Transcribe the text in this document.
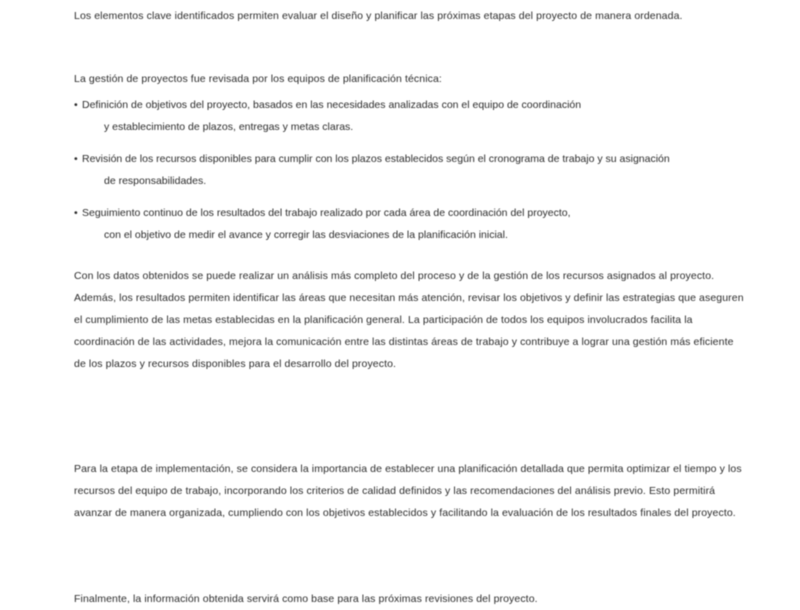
Los elementos clave identificados permiten evaluar el diseño y planificar las próximas etapas del proyecto de manera ordenada.
La gestión de proyectos fue revisada por los equipos de planificación técnica:
• Definición de objetivos del proyecto, basados en las necesidades analizadas con el equipo de coordinación
y establecimiento de plazos, entregas y metas claras.
• Revisión de los recursos disponibles para cumplir con los plazos establecidos según el cronograma de trabajo y su asignación
de responsabilidades.
• Seguimiento continuo de los resultados del trabajo realizado por cada área de coordinación del proyecto,
con el objetivo de medir el avance y corregir las desviaciones de la planificación inicial.
Con los datos obtenidos se puede realizar un análisis más completo del proceso y de la gestión de los recursos asignados al proyecto. Además, los resultados permiten identificar las áreas que necesitan más atención, revisar los objetivos y definir las estrategias que aseguren el cumplimiento de las metas establecidas en la planificación general. La participación de todos los equipos involucrados facilita la coordinación de las actividades, mejora la comunicación entre las distintas áreas de trabajo y contribuye a lograr una gestión más eficiente de los plazos y recursos disponibles para el desarrollo del proyecto.
Para la etapa de implementación, se considera la importancia de establecer una planificación detallada que permita optimizar el tiempo y los recursos del equipo de trabajo, incorporando los criterios de calidad definidos y las recomendaciones del análisis previo. Esto permitirá avanzar de manera organizada, cumpliendo con los objetivos establecidos y facilitando la evaluación de los resultados finales del proyecto.
Finalmente, la información obtenida servirá como base para las próximas revisiones del proyecto.
